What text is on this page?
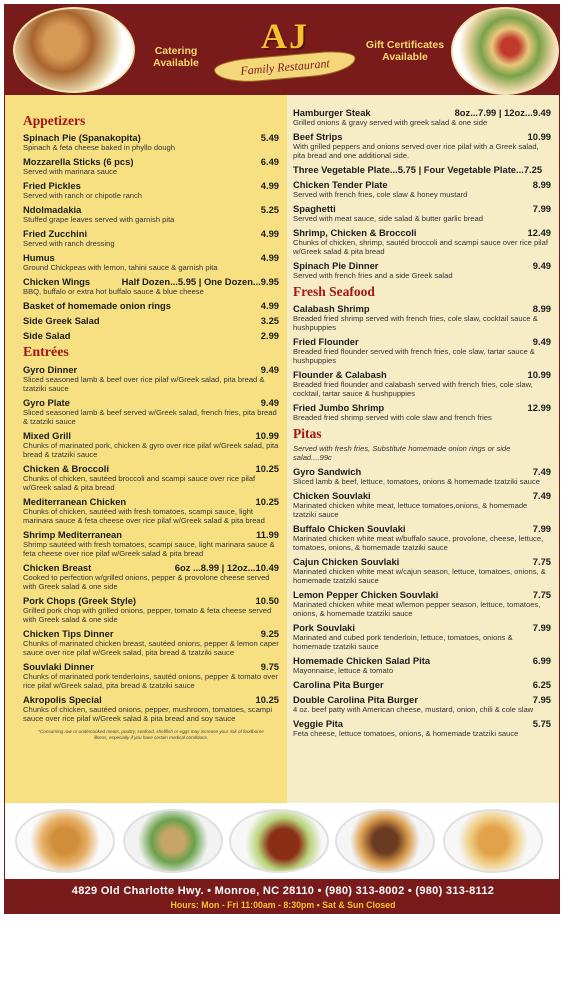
Catering Available
AJ
Family Restaurant
Gift Certificates Available
Appetizers
Spinach Pie (Spanakopita)	5.49
Spinach & feta cheese baked in phyllo dough
Mozzarella Sticks (6 pcs)	6.49
Served with marinara sauce
Fried Pickles	4.99
Served with ranch or chipotle ranch
Ndolmadakia	5.25
Stuffed grape leaves served with garnish pita
Fried Zucchini	4.99
Served with ranch dressing
Humus	4.99
Ground Chickpeas with lemon, tahini sauce & garnish pita
Chicken Wings	Half Dozen...5.95 | One Dozen...9.95
BBQ, buffalo or extra hot buffalo sauce & blue cheese
Basket of homemade onion rings	4.99
Side Greek Salad	3.25
Side Salad	2.99
Entrées
Gyro Dinner	9.49
Sliced seasoned lamb & beef over rice pilaf w/Greek salad, pita bread & tzatziki sauce
Gyro Plate	9.49
Sliced seasoned lamb & beef served w/Greek salad, french fries, pita bread & tzatziki sauce
Mixed Grill	10.99
Chunks of marinated pork, chicken & gyro over rice pilaf w/Greek salad, pita bread & tzatziki sauce
Chicken & Broccoli	10.25
Chunks of chicken, sautéed broccoli and scampi sauce over rice pilaf w/Greek salad & pita bread
Mediterranean Chicken	10.25
Chunks of chicken, sautéed with fresh tomatoes, scampi sauce, light marinara sauce & feta cheese over rice pilaf w/Greek salad & pita bread
Shrimp Mediterranean	11.99
Shrimp sautéed with fresh tomatoes, scampi sauce, light marinara sauce & feta cheese over rice pilaf w/Greek salad & pita bread
Chicken Breast	6oz ...8.99 | 12oz...10.49
Cooked to perfection w/grilled onions, pepper & provolone cheese served with Greek salad & one side
Pork Chops (Greek Style)	10.50
Grilled pork chop with grilled onions, pepper, tomato & feta cheese served with Greek salad & one side
Chicken Tips Dinner	9.25
Chunks of marinated chicken breast, sautéed onions, pepper & lemon caper sauce over rice pilaf w/Greek salad, pita bread & tzatziki sauce
Souvlaki Dinner	9.75
Chunks of marinated pork tenderloins, sautéd onions, pepper & tomato over rice pilaf w/Greek salad, pita bread & tzatziki sauce
Akropolis Special	10.25
Chunks of chicken, sautéed onions, pepper, mushroom, tomatoes, scampi sauce over rice pilaf w/Greek salad & pita bread and soy sauce
*Consuming raw or undercooked meats, poultry, seafood, shellfish or eggs may increase your risk of foodborne illness, especially if you have certain medical conditions.
Hamburger Steak	8oz...7.99 | 12oz...9.49
Grilled onions & gravy served with greek salad & one side
Beef Strips	10.99
With grilled peppers and onions served over rice pilaf with a Greek salad, pita bread and one additional side.
Three Vegetable Plate...5.75 | Four Vegetable Plate...7.25
Chicken Tender Plate	8.99
Served with french fries, cole slaw & honey mustard
Spaghetti	7.99
Served with meat sauce, side salad & butter garlic bread
Shrimp, Chicken & Broccoli	12.49
Chunks of chicken, shrimp, sautéd broccoli and scampi sauce over rice pilaf w/Greek salad & pita bread
Spinach Pie Dinner	9.49
Served with french fries and a side Greek salad
Fresh Seafood
Calabash Shrimp	8.99
Breaded fried shrimp served with french fries, cole slaw, cocktail sauce & hushpuppies
Fried Flounder	9.49
Breaded fried flounder served with french fries, cole slaw, tartar sauce & hushpuppies
Flounder & Calabash	10.99
Breaded fried flounder and calabash served with french fries, cole slaw, cocktail, tartar sauce & hushpuppies
Fried Jumbo Shrimp	12.99
Breaded fried shrimp served with cole slaw and french fries
Pitas
Served with fresh fries, Substitute homemade onion rings or side salad....99c
Gyro Sandwich	7.49
Sliced lamb & beef, lettuce, tomatoes, onions & homemade tzatziki sauce
Chicken Souvlaki	7.49
Marinated chicken white meat, lettuce tomatoes,onions, & homemade tzatziki sauce
Buffalo Chicken Souvlaki	7.99
Marinated chicken white meat w/buffalo sauce, provolone, cheese, lettuce, tomatoes, onions, & homemade tzatziki sauce
Cajun Chicken Souvlaki	7.75
Marinated chicken white meat w/cajun season, lettuce, tomatoes, onions, & homemade tzatziki sauce
Lemon Pepper Chicken Souvlaki	7.75
Marinated chicken white meat w/lemon pepper season, lettuce, tomatoes, onions, & homemade tzatziki sauce
Pork Souvlaki	7.99
Marinated and cubed pork tenderloin, lettuce, tomatoes, onions & homemade tzatziki sauce
Homemade Chicken Salad Pita	6.99
Mayonnaise, lettuce & tomato
Carolina Pita Burger	6.25
Double Carolina Pita Burger	7.95
4 oz. beef patty with American cheese, mustard, onion, chili & cole slaw
Veggie Pita	5.75
Feta cheese, lettuce tomatoes, onions, & homemade tzatziki sauce
4829 Old Charlotte Hwy. • Monroe, NC 28110 • (980) 313-8002 • (980) 313-8112
Hours: Mon - Fri 11:00am - 8:30pm • Sat & Sun Closed
